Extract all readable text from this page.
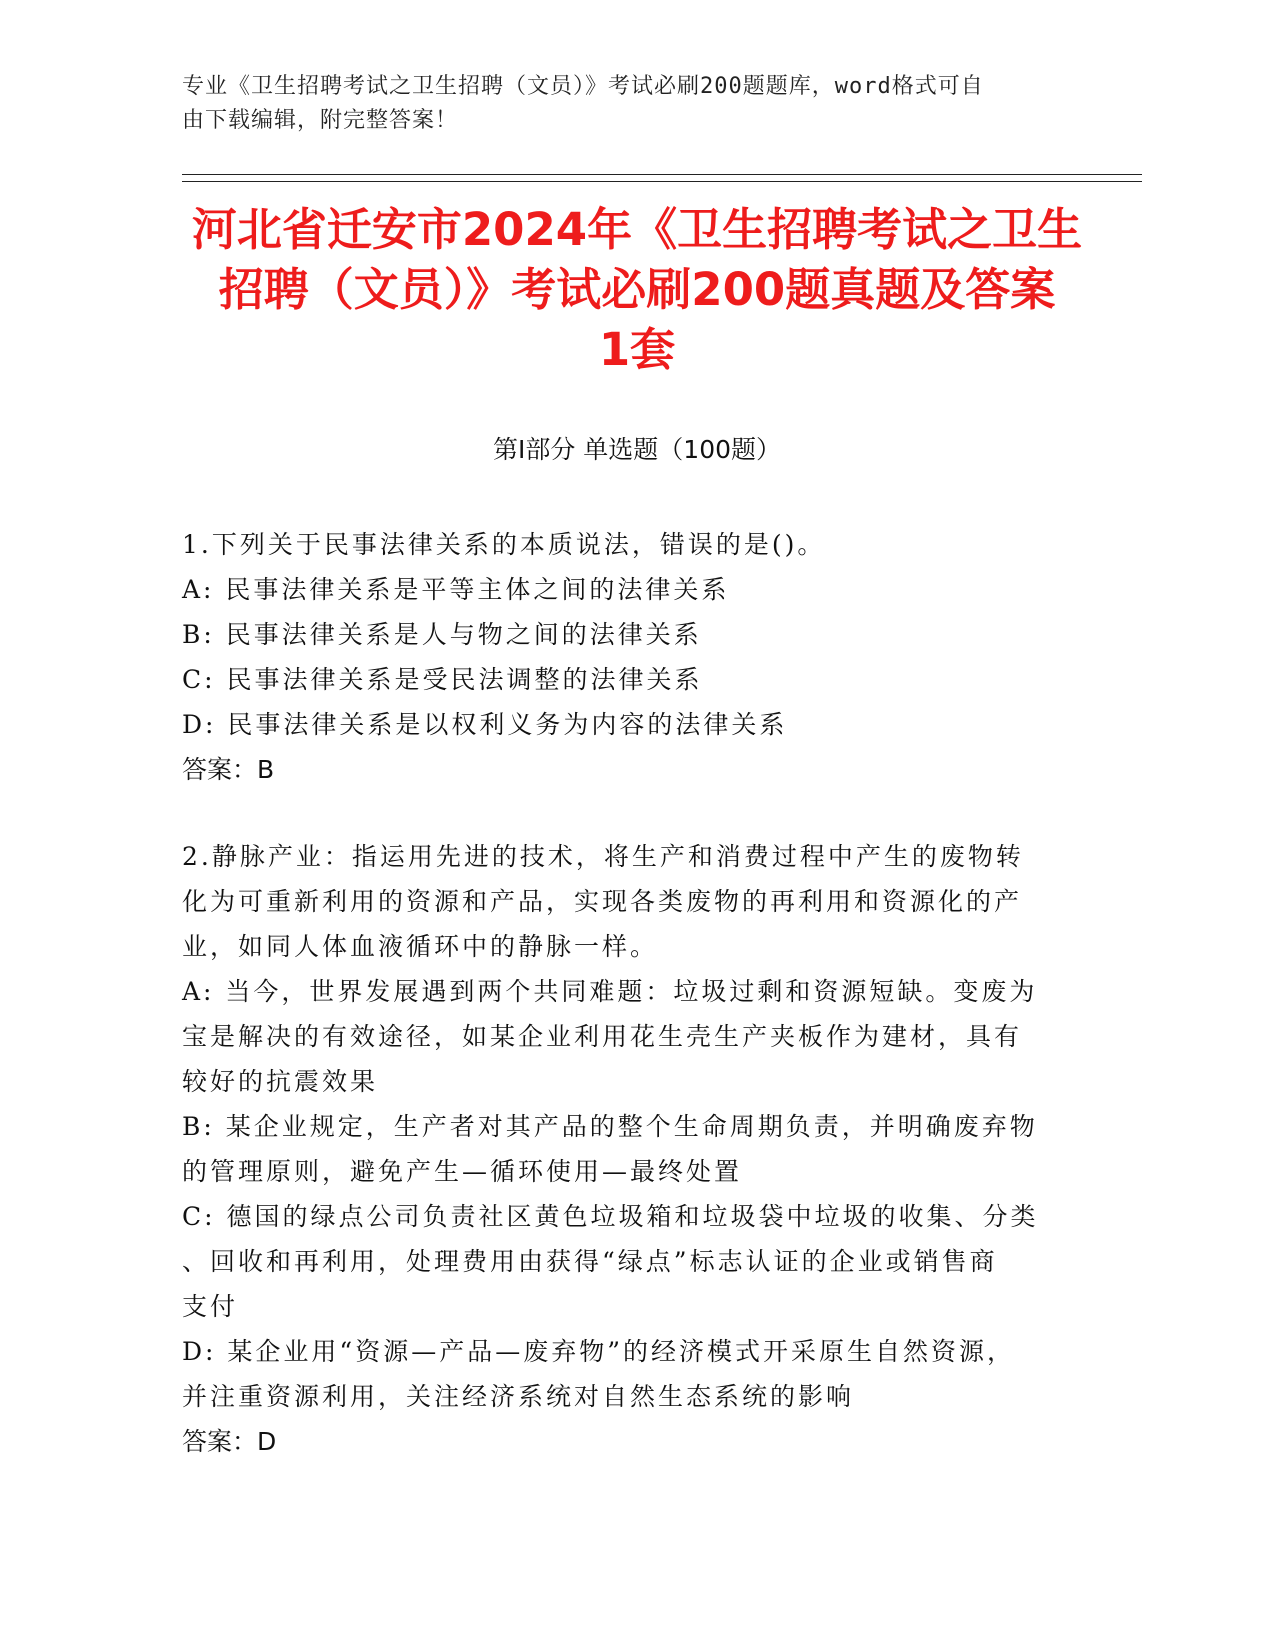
专业《卫生招聘考试之卫生招聘（文员）》考试必刷200题题库，word格式可自
由下载编辑，附完整答案！
河北省迁安市2024年《卫生招聘考试之卫生
招聘（文员）》考试必刷200题真题及答案
1套
第Ⅰ部分 单选题（100题）

1.下列关于民事法律关系的本质说法，错误的是()。

A: 民事法律关系是平等主体之间的法律关系

B: 民事法律关系是人与物之间的法律关系

C: 民事法律关系是受民法调整的法律关系

D: 民事法律关系是以权利义务为内容的法律关系

答案：B

2.静脉产业：指运用先进的技术，将生产和消费过程中产生的废物转

化为可重新利用的资源和产品，实现各类废物的再利用和资源化的产

业，如同人体血液循环中的静脉一样。

A: 当今，世界发展遇到两个共同难题：垃圾过剩和资源短缺。变废为

宝是解决的有效途径，如某企业利用花生壳生产夹板作为建材，具有

较好的抗震效果

B: 某企业规定，生产者对其产品的整个生命周期负责，并明确废弃物

的管理原则，避免产生—循环使用—最终处置

C: 德国的绿点公司负责社区黄色垃圾箱和垃圾袋中垃圾的收集、分类

、回收和再利用，处理费用由获得“绿点”标志认证的企业或销售商

支付

D: 某企业用“资源—产品—废弃物”的经济模式开采原生自然资源，

并注重资源利用，关注经济系统对自然生态系统的影响

答案：D
